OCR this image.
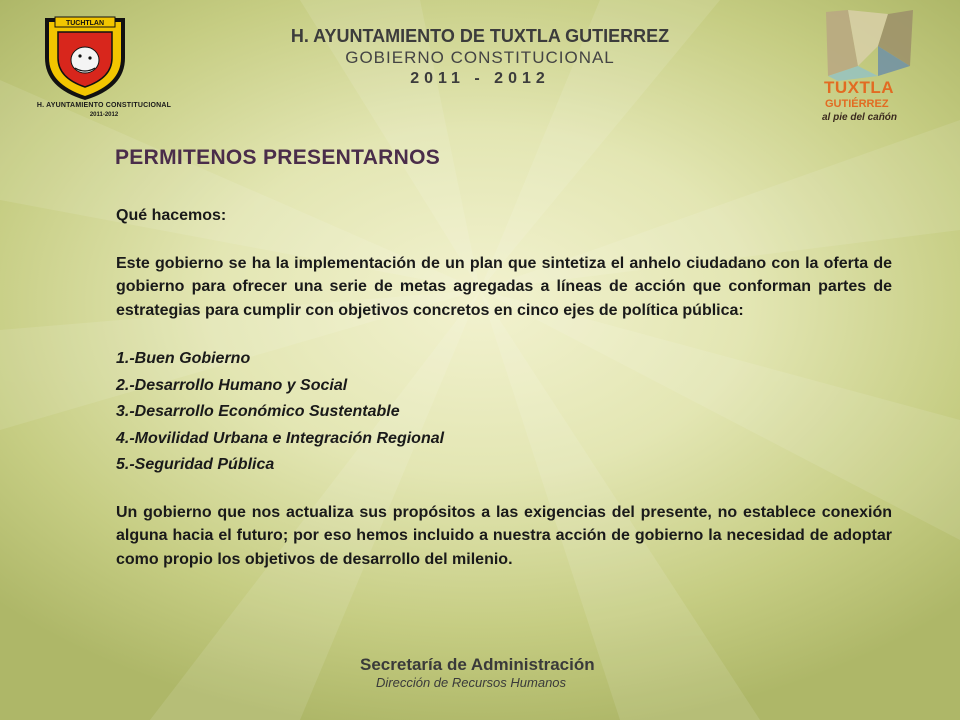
TUCHTLAN
H. AYUNTAMIENTO CONSTITUCIONAL
2011-2012
H. AYUNTAMIENTO DE TUXTLA GUTIERREZ
GOBIERNO CONSTITUCIONAL
2011 - 2012	TUXTLA
GUTIÉRREZ
al pie del cañón
PERMITENOS PRESENTARNOS

Qué hacemos:

Este gobierno se ha la implementación de un plan que sintetiza el anhelo ciudadano con la oferta de gobierno para ofrecer una serie de metas agregadas a líneas de acción que conforman partes de estrategias para cumplir con objetivos concretos en cinco ejes de política pública:

1.-Buen Gobierno
2.-Desarrollo Humano y Social
3.-Desarrollo Económico Sustentable
4.-Movilidad Urbana e Integración Regional
5.-Seguridad Pública

Un gobierno que nos actualiza sus propósitos a las exigencias del presente, no establece conexión alguna hacia el futuro; por eso hemos incluido a nuestra acción de gobierno la necesidad de adoptar como propio los objetivos de desarrollo del milenio.

Secretaría de Administración
Dirección de Recursos Humanos
